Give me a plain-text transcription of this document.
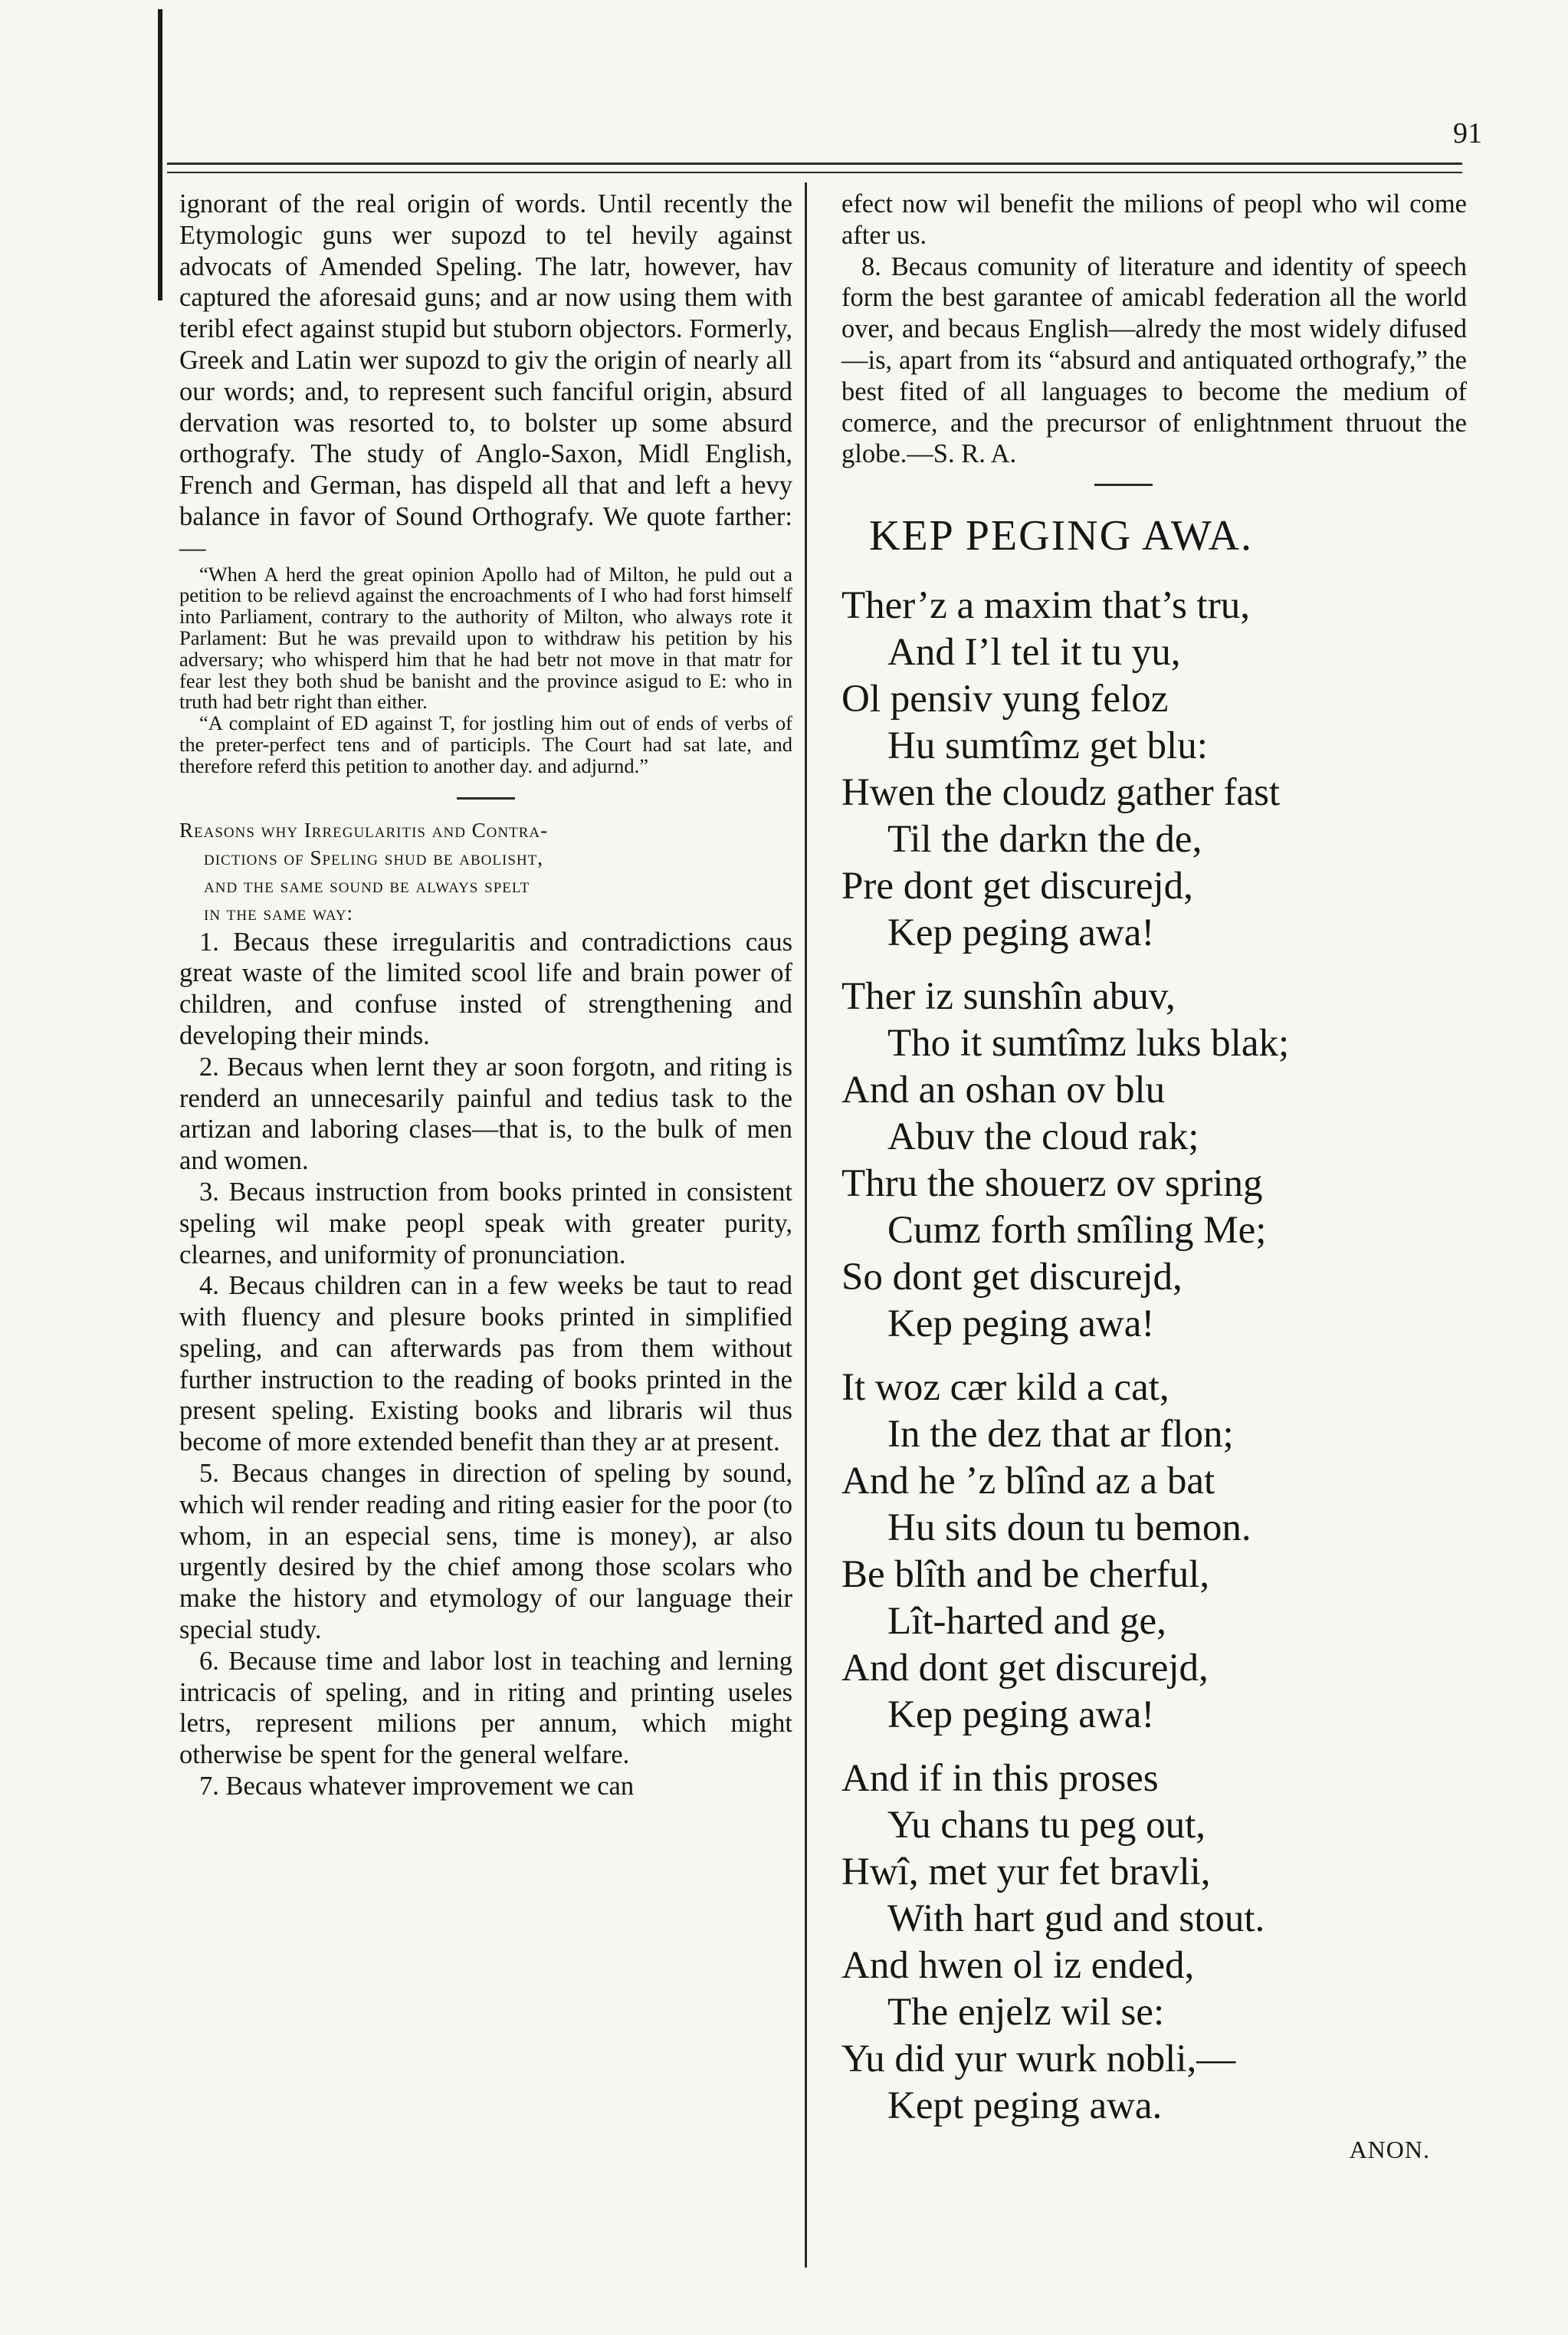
91

ignorant of the real origin of words. Until recently the Etymologic guns wer supozd to tel hevily against advocats of Amended Speling. The latr, however, hav captured the aforesaid guns; and ar now using them with teribl efect against stupid but stuborn objectors. Formerly, Greek and Latin wer supozd to giv the origin of nearly all our words; and, to represent such fanciful origin, absurd dervation was resorted to, to bolster up some absurd orthografy. The study of Anglo-Saxon, Midl English, French and German, has dispeld all that and left a hevy balance in favor of Sound Orthografy. We quote farther:—

“When A herd the great opinion Apollo had of Milton, he puld out a petition to be relievd against the encroachments of I who had forst himself into Parliament, contrary to the authority of Milton, who always rote it Parlament: But he was prevaild upon to withdraw his petition by his adversary; who whisperd him that he had betr not move in that matr for fear lest they both shud be banisht and the province asigud to E: who in truth had betr right than either.

“A complaint of ED against T, for jostling him out of ends of verbs of the preter-perfect tens and of participls. The Court had sat late, and therefore referd this petition to another day. and adjurnd.”

Reasons why Irregularitis and Contra-
dictions of Speling shud be abolisht,
and the same sound be always spelt
in the same way:

1. Becaus these irregularitis and contradictions caus great waste of the limited scool life and brain power of children, and confuse insted of strengthening and developing their minds.

2. Becaus when lernt they ar soon forgotn, and riting is renderd an unnecesarily painful and tedius task to the artizan and laboring clases—that is, to the bulk of men and women.

3. Becaus instruction from books printed in consistent speling wil make peopl speak with greater purity, clearnes, and uniformity of pronunciation.

4. Becaus children can in a few weeks be taut to read with fluency and plesure books printed in simplified speling, and can afterwards pas from them without further instruction to the reading of books printed in the present speling. Existing books and libraris wil thus become of more extended benefit than they ar at present.

5. Becaus changes in direction of speling by sound, which wil render reading and riting easier for the poor (to whom, in an especial sens, time is money), ar also urgently desired by the chief among those scolars who make the history and etymology of our language their special study.

6. Because time and labor lost in teaching and lerning intricacis of speling, and in riting and printing useles letrs, represent milions per annum, which might otherwise be spent for the general welfare.

7. Becaus whatever improvement we can

efect now wil benefit the milions of peopl who wil come after us.

8. Becaus comunity of literature and identity of speech form the best garantee of amicabl federation all the world over, and becaus English—alredy the most widely difused—is, apart from its “absurd and antiquated orthografy,” the best fited of all languages to become the medium of comerce, and the precursor of enlightnment thruout the globe.—S. R. A.

KEP PEGING AWA.

Ther’z a maxim that’s tru,
And I’l tel it tu yu,
Ol pensiv yung feloz
Hu sumtîmz get blu:
Hwen the cloudz gather fast
Til the darkn the de,
Pre dont get discurejd,
Kep peging awa!
Ther iz sunshîn abuv,
Tho it sumtîmz luks blak;
And an oshan ov blu
Abuv the cloud rak;
Thru the shouerz ov spring
Cumz forth smîling Me;
So dont get discurejd,
Kep peging awa!
It woz cær kild a cat,
In the dez that ar flon;
And he ’z blînd az a bat
Hu sits doun tu bemon.
Be blîth and be cherful,
Lît-harted and ge,
And dont get discurejd,
Kep peging awa!
And if in this proses
Yu chans tu peg out,
Hwî, met yur fet bravli,
With hart gud and stout.
And hwen ol iz ended,
The enjelz wil se:
Yu did yur wurk nobli,—
Kept peging awa.
ANON.
